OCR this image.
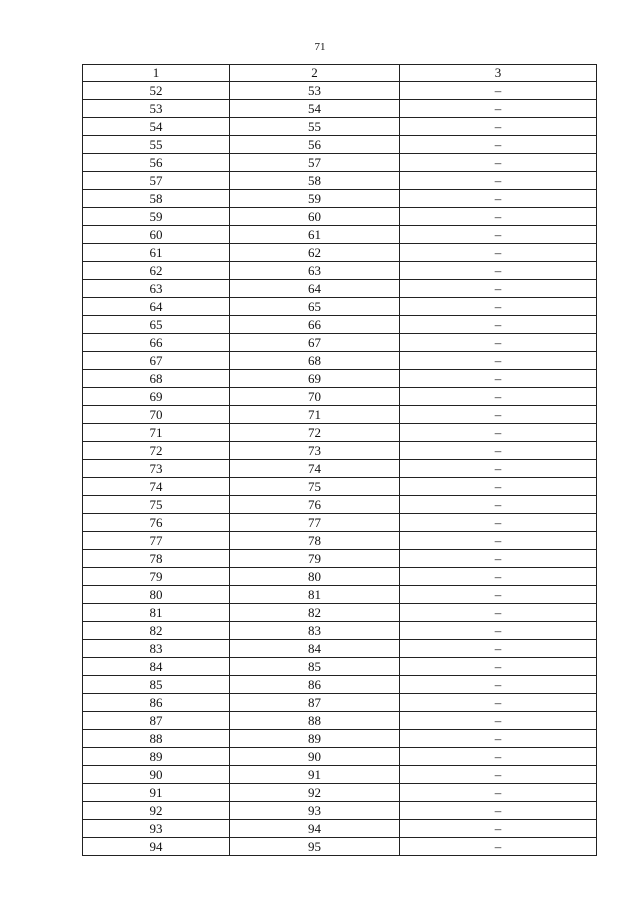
71
1	2	3
52	53	–
53	54	–
54	55	–
55	56	–
56	57	–
57	58	–
58	59	–
59	60	–
60	61	–
61	62	–
62	63	–
63	64	–
64	65	–
65	66	–
66	67	–
67	68	–
68	69	–
69	70	–
70	71	–
71	72	–
72	73	–
73	74	–
74	75	–
75	76	–
76	77	–
77	78	–
78	79	–
79	80	–
80	81	–
81	82	–
82	83	–
83	84	–
84	85	–
85	86	–
86	87	–
87	88	–
88	89	–
89	90	–
90	91	–
91	92	–
92	93	–
93	94	–
94	95	–
